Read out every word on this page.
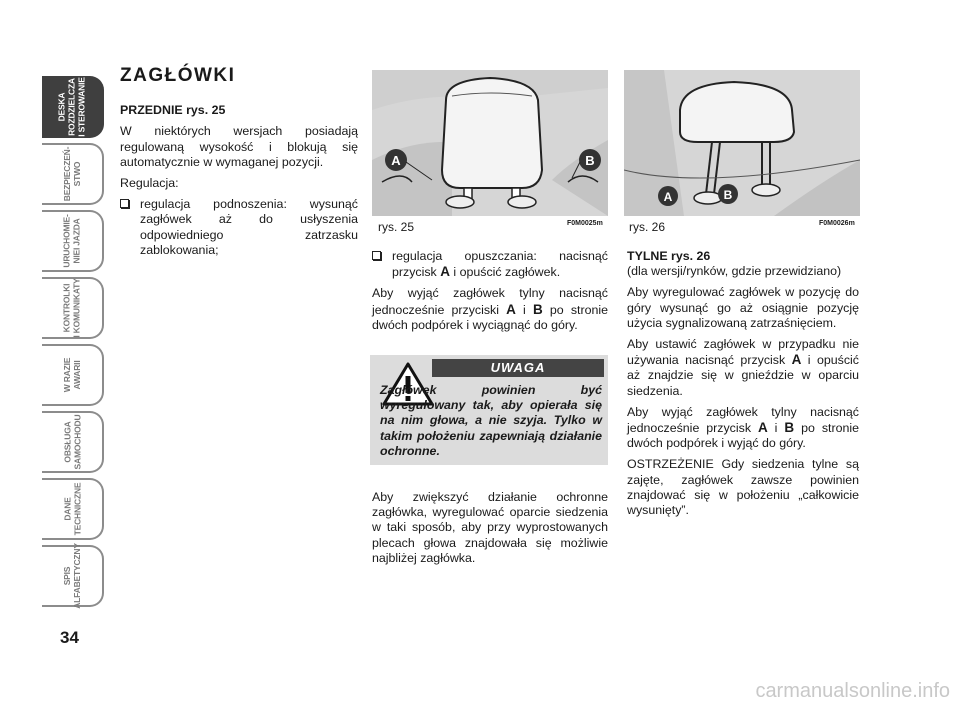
DESKA
ROZDZIELCZA
I STEROWANIE
BEZPIECZEŃ-
STWO
URUCHOMIE-
NIEI JAZDA
KONTROLKI
I KOMUNIKATY
W RAZIE
AWARII
OBSŁUGA
SAMOCHODU
DANE
TECHNICZNE
SPIS
ALFABETYCZNY
34
ZAGŁÓWKI
PRZEDNIE rys. 25

W niektórych wersjach posiadają regulowaną wysokość i blokują się automatycznie w wymaganej pozycji.

Regulacja:

regulacja podnoszenia: wysunąć zagłówek aż do usłyszenia odpowiedniego zatrzasku zablokowania;
A	B
rys. 25	F0M0025m
A	B
rys. 26	F0M0026m
regulacja opuszczania: nacisnąć przycisk A i opuścić zagłówek.

Aby wyjąć zagłówek tylny nacisnąć jednocześnie przyciski A i B po stronie dwóch podpórek i wyciągnąć do góry.

UWAGA
Zagłówek powinien być wyregulowany tak, aby opierała się na nim głowa, a nie szyja. Tylko w takim położeniu zapewniają działanie ochronne.

Aby zwiększyć działanie ochronne zagłówka, wyregulować oparcie siedzenia w taki sposób, aby przy wyprostowanych plecach głowa znajdowała się możliwie najbliżej zagłówka.

TYLNE rys. 26

(dla wersji/rynków, gdzie przewidziano)

Aby wyregulować zagłówek w pozycję do góry wysunąć go aż osiągnie pozycję użycia sygnalizowaną zatrzaśnięciem.

Aby ustawić zagłówek w przypadku nie używania nacisnąć przycisk A i opuścić aż znajdzie się w gnieździe w oparciu siedzenia.

Aby wyjąć zagłówek tylny nacisnąć jednocześnie przycisk A i B po stronie dwóch podpórek i wyjąć do góry.

OSTRZEŻENIE Gdy siedzenia tylne są zajęte, zagłówek zawsze powinien znajdować się w położeniu „całkowicie wysunięty”.

carmanualsonline.info
